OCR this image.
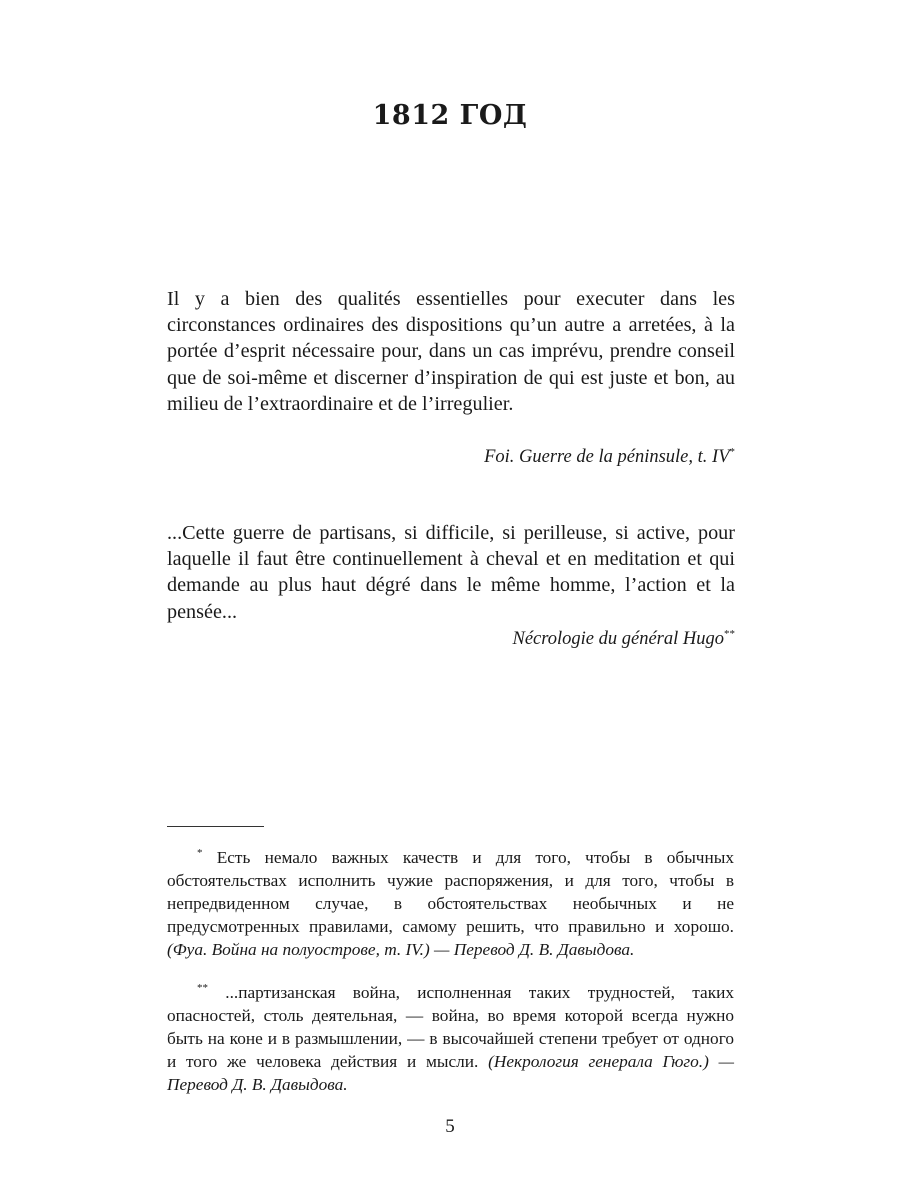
1812 ГОД

Il y a bien des qualités essentielles pour executer dans les circonstances ordinaires des dispositions qu’un autre a arretées, à la portée d’esprit nécessaire pour, dans un cas imprévu, prendre conseil que de soi-même et discerner d’inspiration de qui est juste et bon, au milieu de l’extraordinaire et de l’irregulier.

Foi. Guerre de la péninsule, t. IV*

...Cette guerre de partisans, si difficile, si perilleuse, si active, pour laquelle il faut être continuellement à cheval et en meditation et qui demande au plus haut dégré dans le même homme, l’action et la pensée...

Nécrologie du général Hugo**

* Есть немало важных качеств и для того, чтобы в обычных обстоятельствах исполнить чужие распоряжения, и для того, чтобы в непредвиденном случае, в обстоятельствах необычных и не предусмотренных правилами, самому решить, что правильно и хорошо. (Фуа. Война на полуострове, т. IV.) — Перевод Д. В. Давыдова.

** ...партизанская война, исполненная таких трудностей, таких опасностей, столь деятельная, — война, во время которой всегда нужно быть на коне и в размышлении, — в высочайшей степени требует от одного и того же человека действия и мысли. (Некрология генерала Гюго.) — Перевод Д. В. Давыдова.

5
